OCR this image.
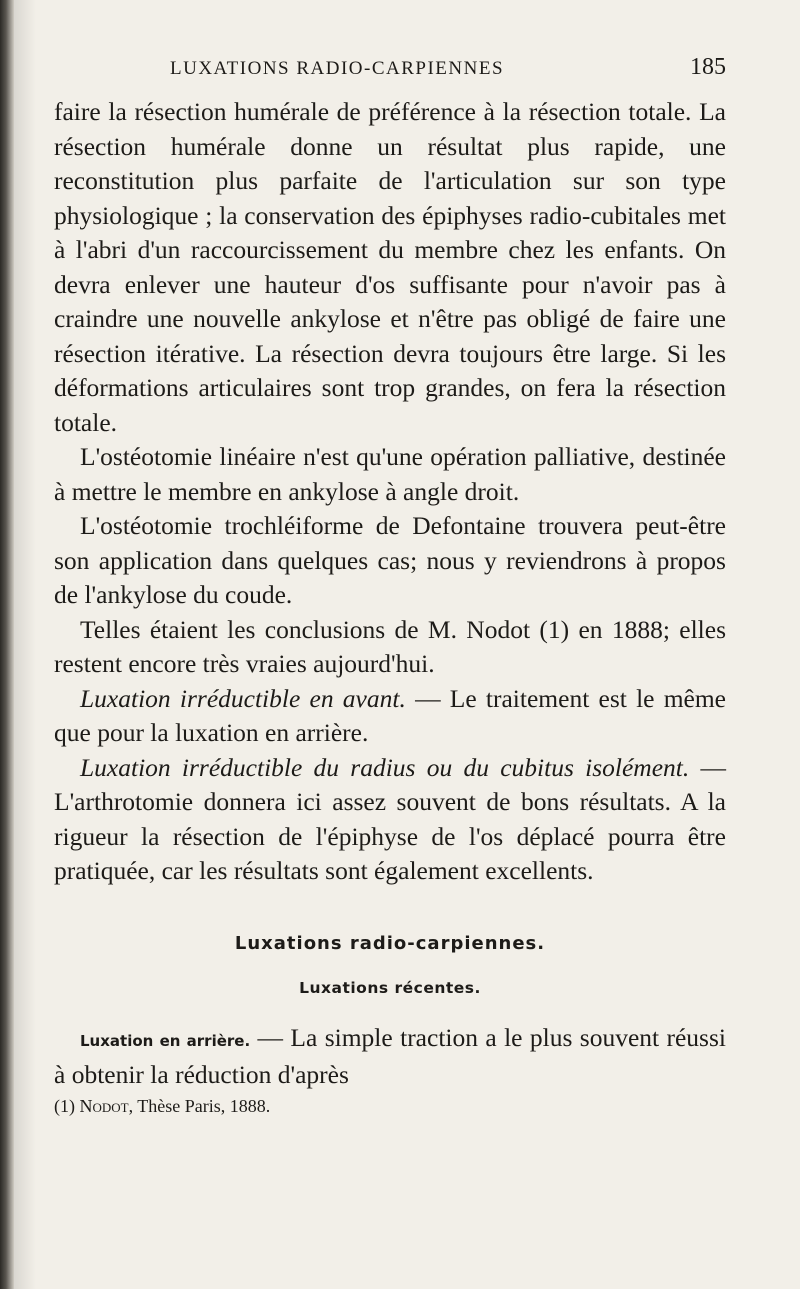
LUXATIONS RADIO-CARPIENNES	185

faire la résection humérale de préférence à la résection totale. La résection humérale donne un résultat plus rapide, une reconstitution plus parfaite de l'articulation sur son type physiologique ; la conservation des épiphyses radio-cubitales met à l'abri d'un raccourcissement du membre chez les enfants. On devra enlever une hauteur d'os suffisante pour n'avoir pas à craindre une nouvelle ankylose et n'être pas obligé de faire une résection itérative. La résection devra toujours être large. Si les déformations articulaires sont trop grandes, on fera la résection totale.

L'ostéotomie linéaire n'est qu'une opération palliative, destinée à mettre le membre en ankylose à angle droit.

L'ostéotomie trochléiforme de Defontaine trouvera peut-être son application dans quelques cas; nous y reviendrons à propos de l'ankylose du coude.

Telles étaient les conclusions de M. Nodot (1) en 1888; elles restent encore très vraies aujourd'hui.

Luxation irréductible en avant. — Le traitement est le même que pour la luxation en arrière.

Luxation irréductible du radius ou du cubitus isolément. — L'arthrotomie donnera ici assez souvent de bons résultats. A la rigueur la résection de l'épiphyse de l'os déplacé pourra être pratiquée, car les résultats sont également excellents.

Luxations radio-carpiennes.
Luxations récentes.

Luxation en arrière. — La simple traction a le plus souvent réussi à obtenir la réduction d'après

(1) Nodot, Thèse Paris, 1888.
